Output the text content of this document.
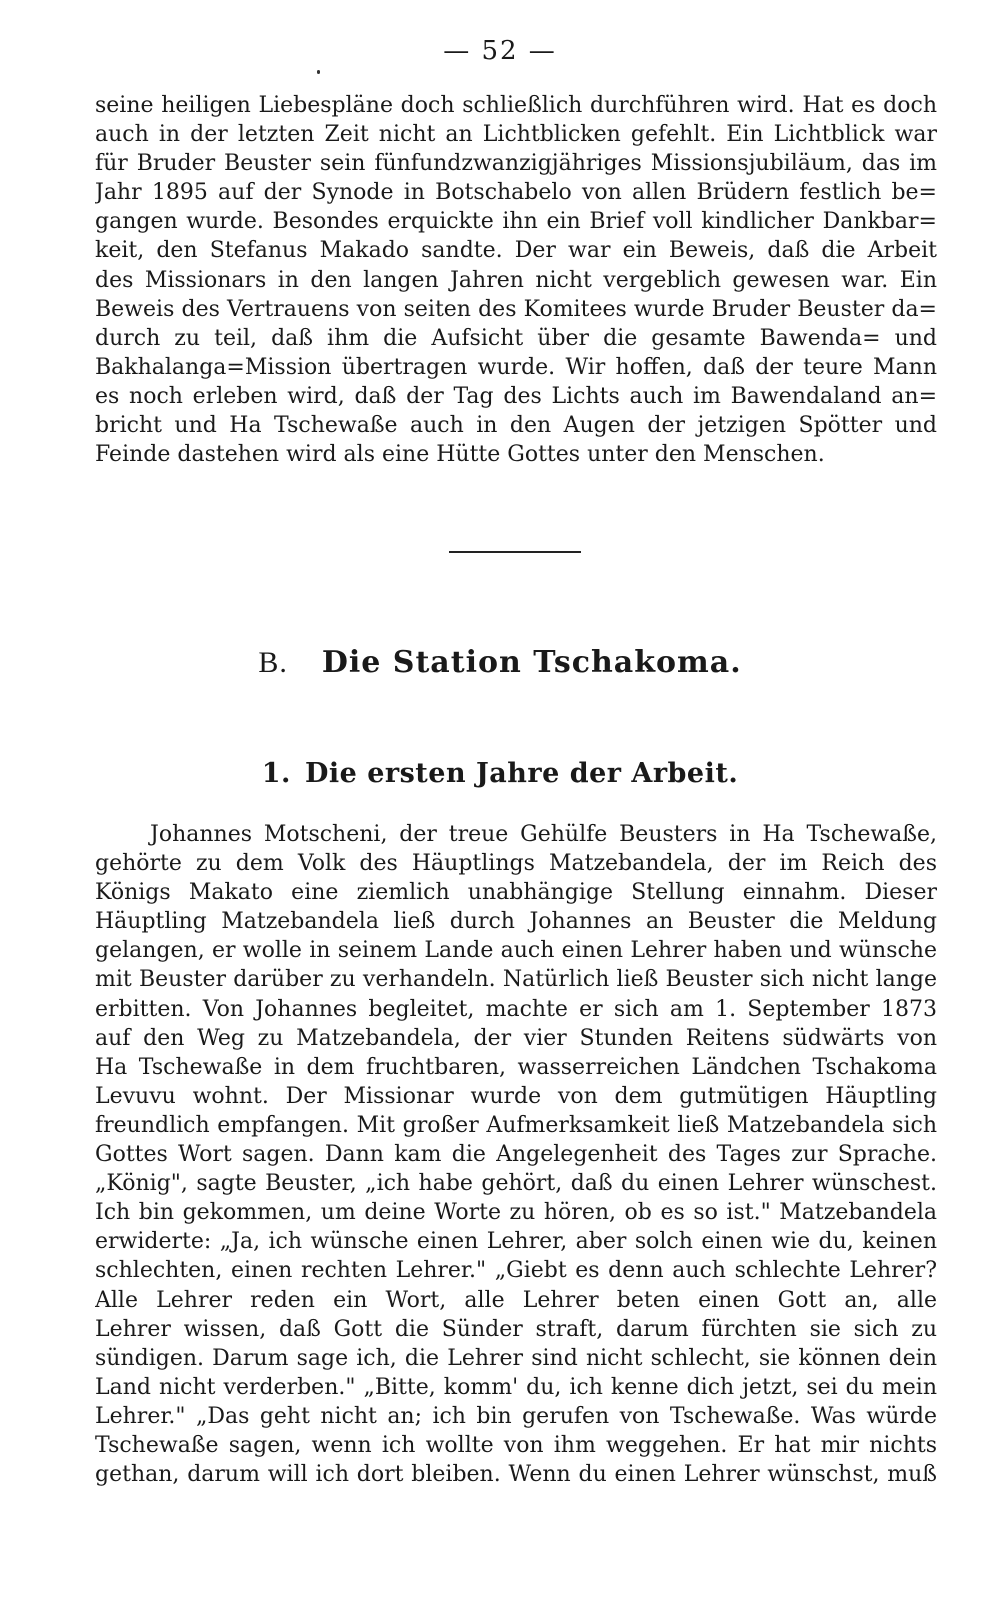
— 52 —
seine heiligen Liebespläne doch schließlich durchführen wird. Hat es doch
auch in der letzten Zeit nicht an Lichtblicken gefehlt. Ein Lichtblick war
für Bruder Beuster sein fünfundzwanzigjähriges Missionsjubiläum, das im
Jahr 1895 auf der Synode in Botschabelo von allen Brüdern festlich be=
gangen wurde. Besondes erquickte ihn ein Brief voll kindlicher Dankbar=
keit, den Stefanus Makado sandte. Der war ein Beweis, daß die Arbeit
des Missionars in den langen Jahren nicht vergeblich gewesen war. Ein
Beweis des Vertrauens von seiten des Komitees wurde Bruder Beuster da=
durch zu teil, daß ihm die Aufsicht über die gesamte Bawenda= und
Bakhalanga=Mission übertragen wurde. Wir hoffen, daß der teure Mann
es noch erleben wird, daß der Tag des Lichts auch im Bawendaland an=
bricht und Ha Tschewaße auch in den Augen der jetzigen Spötter und
Feinde dastehen wird als eine Hütte Gottes unter den Menschen.
B. Die Station Tschakoma.
1. Die ersten Jahre der Arbeit.
Johannes Motscheni, der treue Gehülfe Beusters in Ha Tschewaße,
gehörte zu dem Volk des Häuptlings Matzebandela, der im Reich des
Königs Makato eine ziemlich unabhängige Stellung einnahm. Dieser
Häuptling Matzebandela ließ durch Johannes an Beuster die Meldung
gelangen, er wolle in seinem Lande auch einen Lehrer haben und wünsche
mit Beuster darüber zu verhandeln. Natürlich ließ Beuster sich nicht lange
erbitten. Von Johannes begleitet, machte er sich am 1. September 1873
auf den Weg zu Matzebandela, der vier Stunden Reitens südwärts von
Ha Tschewaße in dem fruchtbaren, wasserreichen Ländchen Tschakoma
Levuvu wohnt. Der Missionar wurde von dem gutmütigen Häuptling
freundlich empfangen. Mit großer Aufmerksamkeit ließ Matzebandela sich
Gottes Wort sagen. Dann kam die Angelegenheit des Tages zur Sprache.
„König", sagte Beuster, „ich habe gehört, daß du einen Lehrer wünschest.
Ich bin gekommen, um deine Worte zu hören, ob es so ist." Matzebandela
erwiderte: „Ja, ich wünsche einen Lehrer, aber solch einen wie du, keinen
schlechten, einen rechten Lehrer." „Giebt es denn auch schlechte Lehrer?
Alle Lehrer reden ein Wort, alle Lehrer beten einen Gott an, alle
Lehrer wissen, daß Gott die Sünder straft, darum fürchten sie sich zu
sündigen. Darum sage ich, die Lehrer sind nicht schlecht, sie können dein
Land nicht verderben." „Bitte, komm' du, ich kenne dich jetzt, sei du mein
Lehrer." „Das geht nicht an; ich bin gerufen von Tschewaße. Was würde
Tschewaße sagen, wenn ich wollte von ihm weggehen. Er hat mir nichts
gethan, darum will ich dort bleiben. Wenn du einen Lehrer wünschst, muß
